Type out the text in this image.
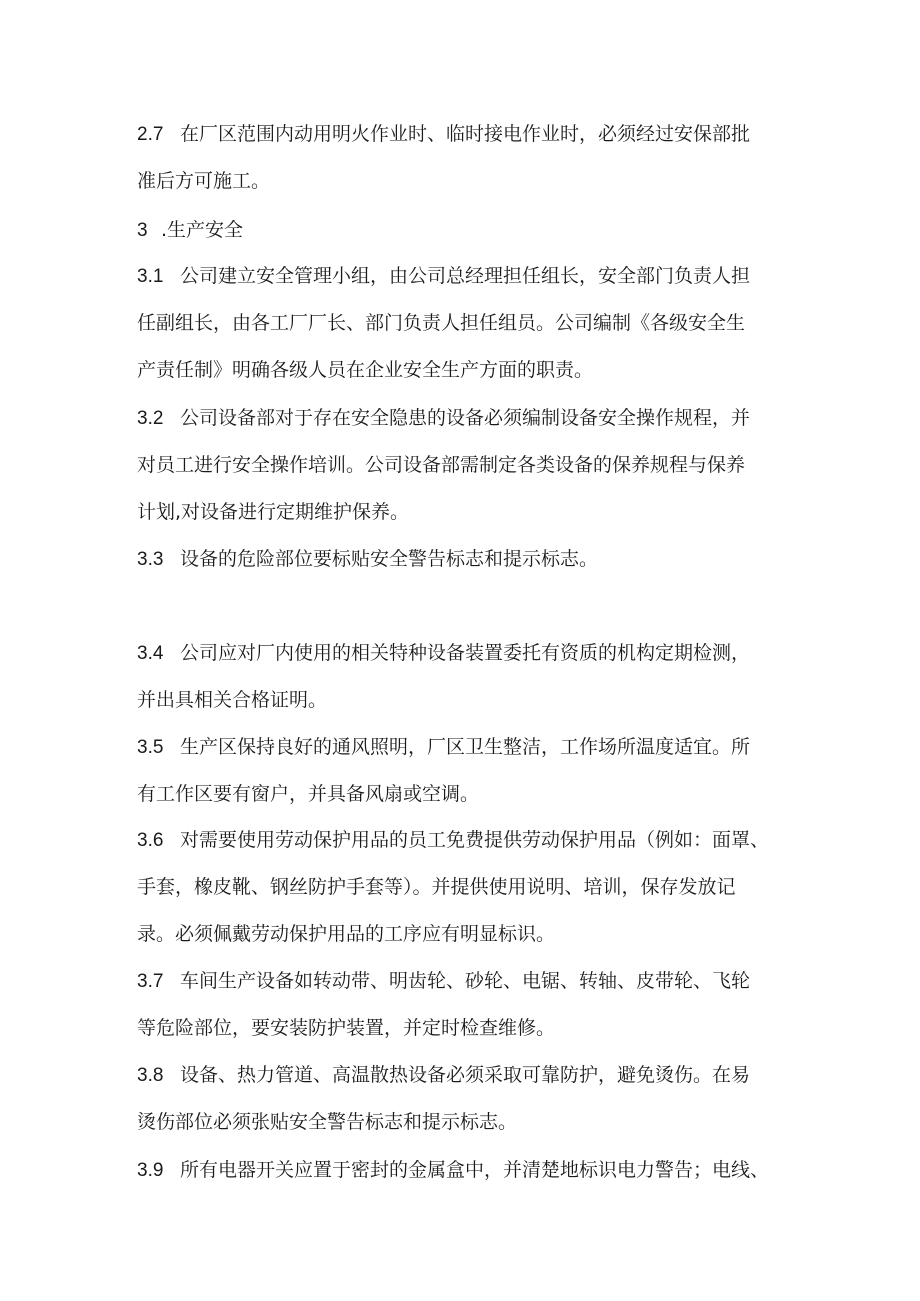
2.7 在厂区范围内动用明火作业时、临时接电作业时，必须经过安保部批
准后方可施工。
3 .生产安全
3.1 公司建立安全管理小组，由公司总经理担任组长，安全部门负责人担
任副组长，由各工厂厂长、部门负责人担任组员。公司编制《各级安全生
产责任制》明确各级人员在企业安全生产方面的职责。
3.2 公司设备部对于存在安全隐患的设备必须编制设备安全操作规程，并
对员工进行安全操作培训。公司设备部需制定各类设备的保养规程与保养
计划,对设备进行定期维护保养。
3.3 设备的危险部位要标贴安全警告标志和提示标志。
3.4 公司应对厂内使用的相关特种设备装置委托有资质的机构定期检测，
并出具相关合格证明。
3.5 生产区保持良好的通风照明，厂区卫生整洁，工作场所温度适宜。所
有工作区要有窗户，并具备风扇或空调。
3.6 对需要使用劳动保护用品的员工免费提供劳动保护用品（例如：面罩、
手套，橡皮靴、钢丝防护手套等）。并提供使用说明、培训，保存发放记
录。必须佩戴劳动保护用品的工序应有明显标识。
3.7 车间生产设备如转动带、明齿轮、砂轮、电锯、转轴、皮带轮、飞轮
等危险部位，要安装防护装置，并定时检查维修。
3.8 设备、热力管道、高温散热设备必须采取可靠防护，避免烫伤。在易
烫伤部位必须张贴安全警告标志和提示标志。
3.9 所有电器开关应置于密封的金属盒中，并清楚地标识电力警告；电线、
